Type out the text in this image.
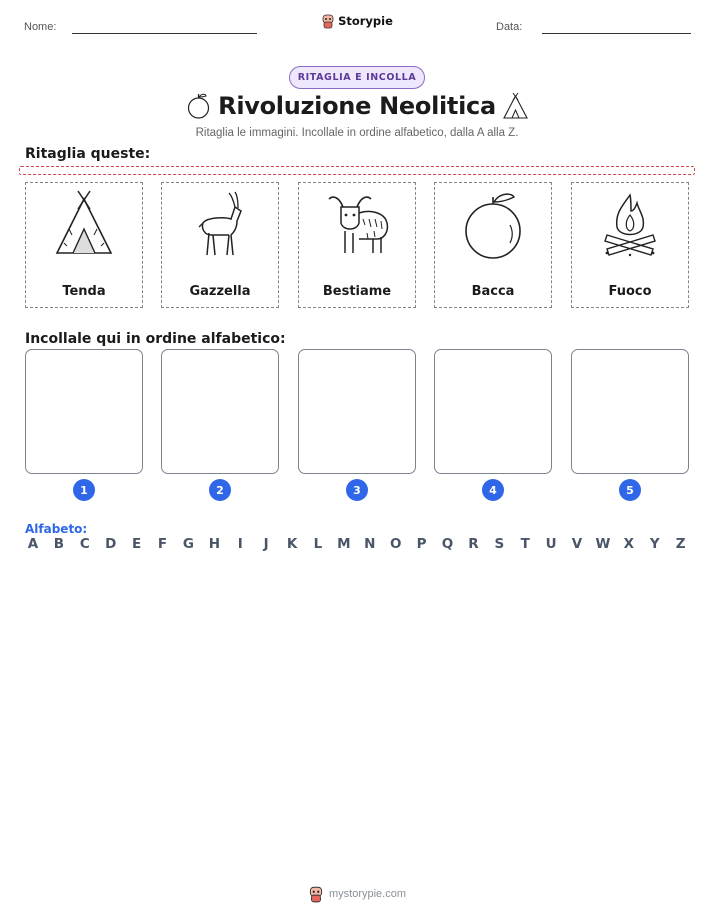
Nome:	Storypie	Data:
RITAGLIA E INCOLLA
Rivoluzione Neolitica
Ritaglia le immagini. Incollale in ordine alfabetico, dalla A alla Z.
Ritaglia queste:
Tenda	Gazzella	Bestiame	Bacca	Fuoco
Incollale qui in ordine alfabetico:
1	2	3	4	5
Alfabeto:
A B C D E F G H	I	J	K L M N O P Q R S T U V W X Y Z
mystorypie.com
